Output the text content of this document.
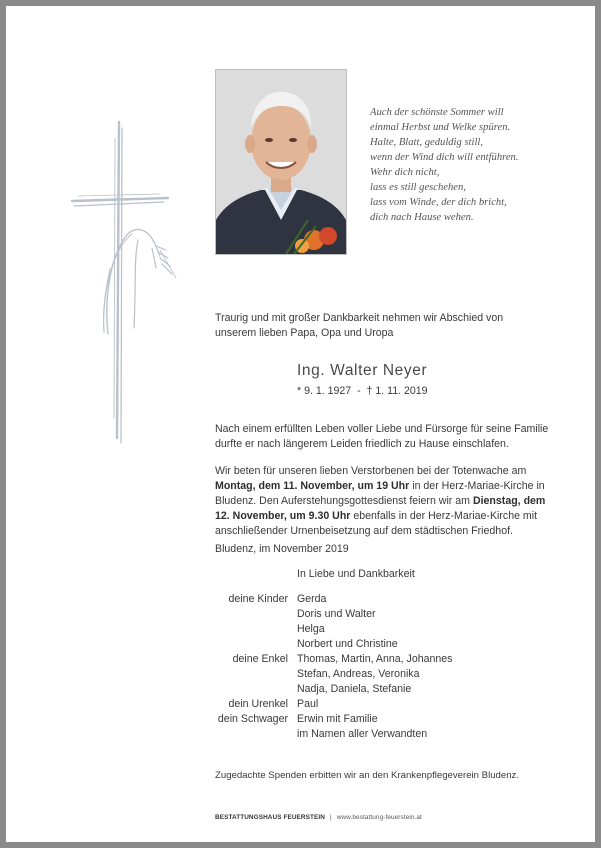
Auch der schönste Sommer will
einmal Herbst und Welke spüren.
Halte, Blatt, geduldig still,
wenn der Wind dich will entführen.
Wehr dich nicht,
lass es still geschehen,
lass vom Winde, der dich bricht,
dich nach Hause wehen.
Traurig und mit großer Dankbarkeit nehmen wir Abschied von unserem lieben Papa, Opa und Uropa
Ing. Walter Neyer
* 9. 1. 1927  -  † 1. 11. 2019
Nach einem erfüllten Leben voller Liebe und Fürsorge für seine Familie durfte er nach längerem Leiden friedlich zu Hause einschlafen.
Wir beten für unseren lieben Verstorbenen bei der Totenwache am Montag, dem 11. November, um 19 Uhr in der Herz-Mariae-Kirche in Bludenz. Den Auferstehungsgottesdienst feiern wir am Dienstag, dem 12. November, um 9.30 Uhr ebenfalls in der Herz-Mariae-Kirche mit anschließender Urnenbeisetzung auf dem städtischen Friedhof.
Bludenz, im November 2019
In Liebe und Dankbarkeit
deine Kinder Gerda
Doris und Walter
Helga
Norbert und Christine
deine Enkel Thomas, Martin, Anna, Johannes
Stefan, Andreas, Veronika
Nadja, Daniela, Stefanie
dein Urenkel Paul
dein Schwager Erwin mit Familie
im Namen aller Verwandten
Zugedachte Spenden erbitten wir an den Krankenpflegeverein Bludenz.
BESTATTUNGSHAUS FEUERSTEIN | www.bestattung-feuerstein.at
